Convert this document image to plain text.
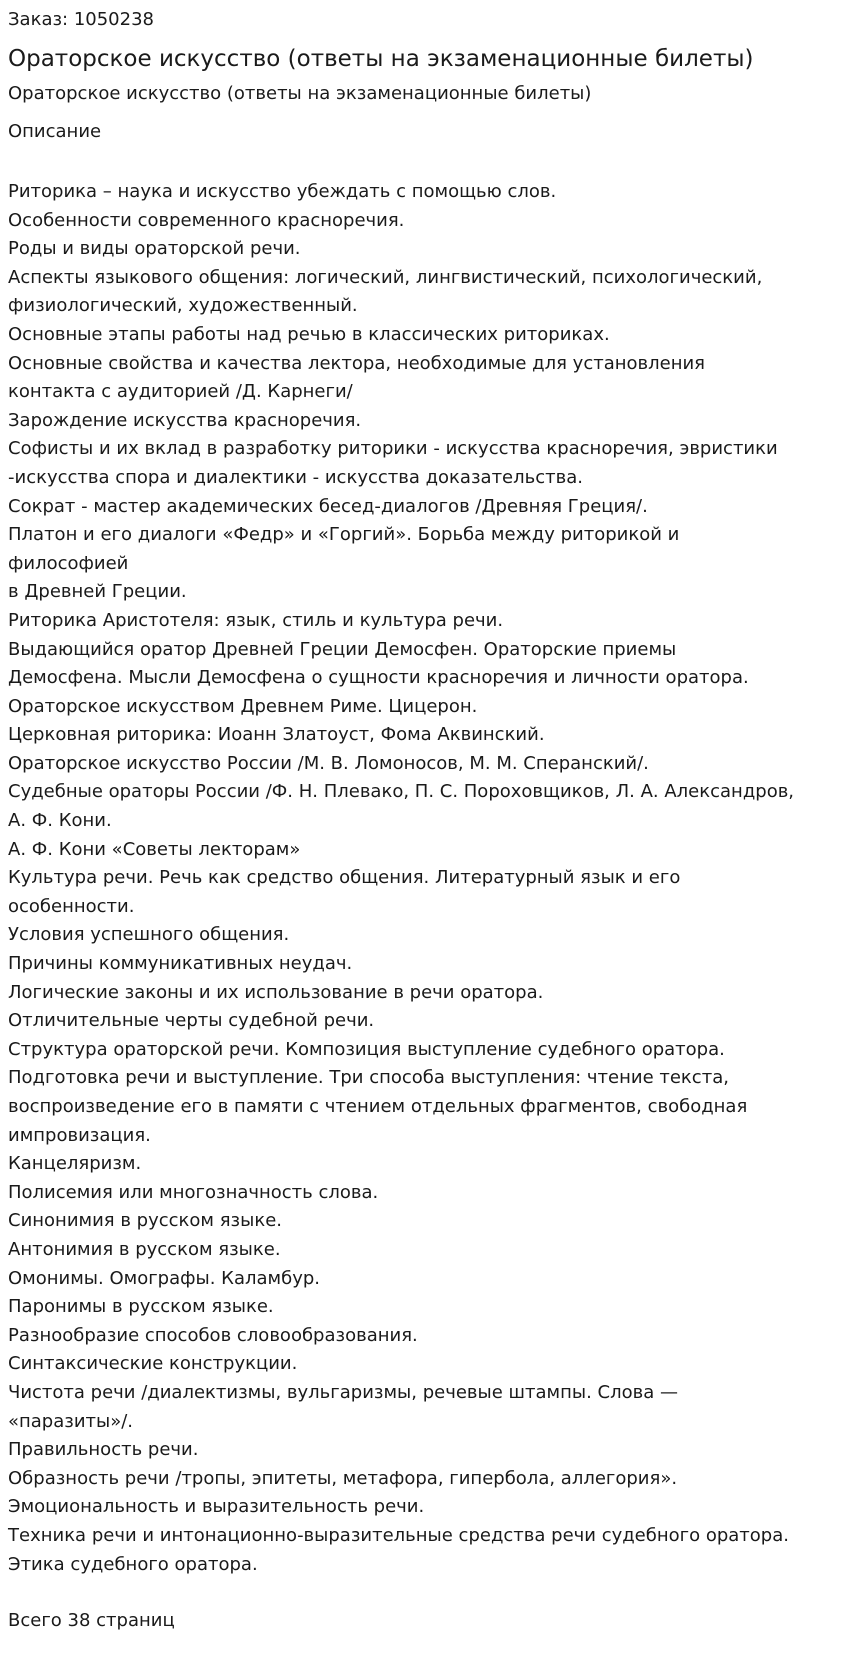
Заказ: 1050238

Ораторское искусство (ответы на экзаменационные билеты)

Ораторское искусство (ответы на экзаменационные билеты)

Описание

Риторика – наука и искусство убеждать с помощью слов.
Особенности современного красноречия.
Роды и виды ораторской речи.
Аспекты языкового общения: логический, лингвистический, психологический,
физиологический, художественный.
Основные этапы работы над речью в классических риториках.
Основные свойства и качества лектора, необходимые для установления
контакта с аудиторией /Д. Карнеги/
Зарождение искусства красноречия.
Софисты и их вклад в разработку риторики - искусства красноречия, эвристики
-искусства спора и диалектики - искусства доказательства.
Сократ - мастер академических бесед-диалогов /Древняя Греция/.
Платон и его диалоги «Федр» и «Горгий». Борьба между риторикой и
философией
в Древней Греции.
Риторика Аристотеля: язык, стиль и культура речи.
Выдающийся оратор Древней Греции Демосфен. Ораторские приемы
Демосфена. Мысли Демосфена о сущности красноречия и личности оратора.
Ораторское искусством Древнем Риме. Цицерон.
Церковная риторика: Иоанн Златоуст, Фома Аквинский.
Ораторское искусство России /М. В. Ломоносов, М. М. Сперанский/.
Судебные ораторы России /Ф. Н. Плевако, П. С. Пороховщиков, Л. А. Александров,
А. Ф. Кони.
А. Ф. Кони «Советы лекторам»
Культура речи. Речь как средство общения. Литературный язык и его
особенности.
Условия успешного общения.
Причины коммуникативных неудач.
Логические законы и их использование в речи оратора.
Отличительные черты судебной речи.
Структура ораторской речи. Композиция выступление судебного оратора.
Подготовка речи и выступление. Три способа выступления: чтение текста,
воспроизведение его в памяти с чтением отдельных фрагментов, свободная
импровизация.
Канцеляризм.
Полисемия или многозначность слова.
Синонимия в русском языке.
Антонимия в русском языке.
Омонимы. Омографы. Каламбур.
Паронимы в русском языке.
Разнообразие способов словообразования.
Синтаксические конструкции.
Чистота речи /диалектизмы, вульгаризмы, речевые штампы. Слова —
«паразиты»/.
Правильность речи.
Образность речи /тропы, эпитеты, метафора, гипербола, аллегория».
Эмоциональность и выразительность речи.
Техника речи и интонационно-выразительные средства речи судебного оратора.
Этика судебного оратора.

Всего 38 страниц
